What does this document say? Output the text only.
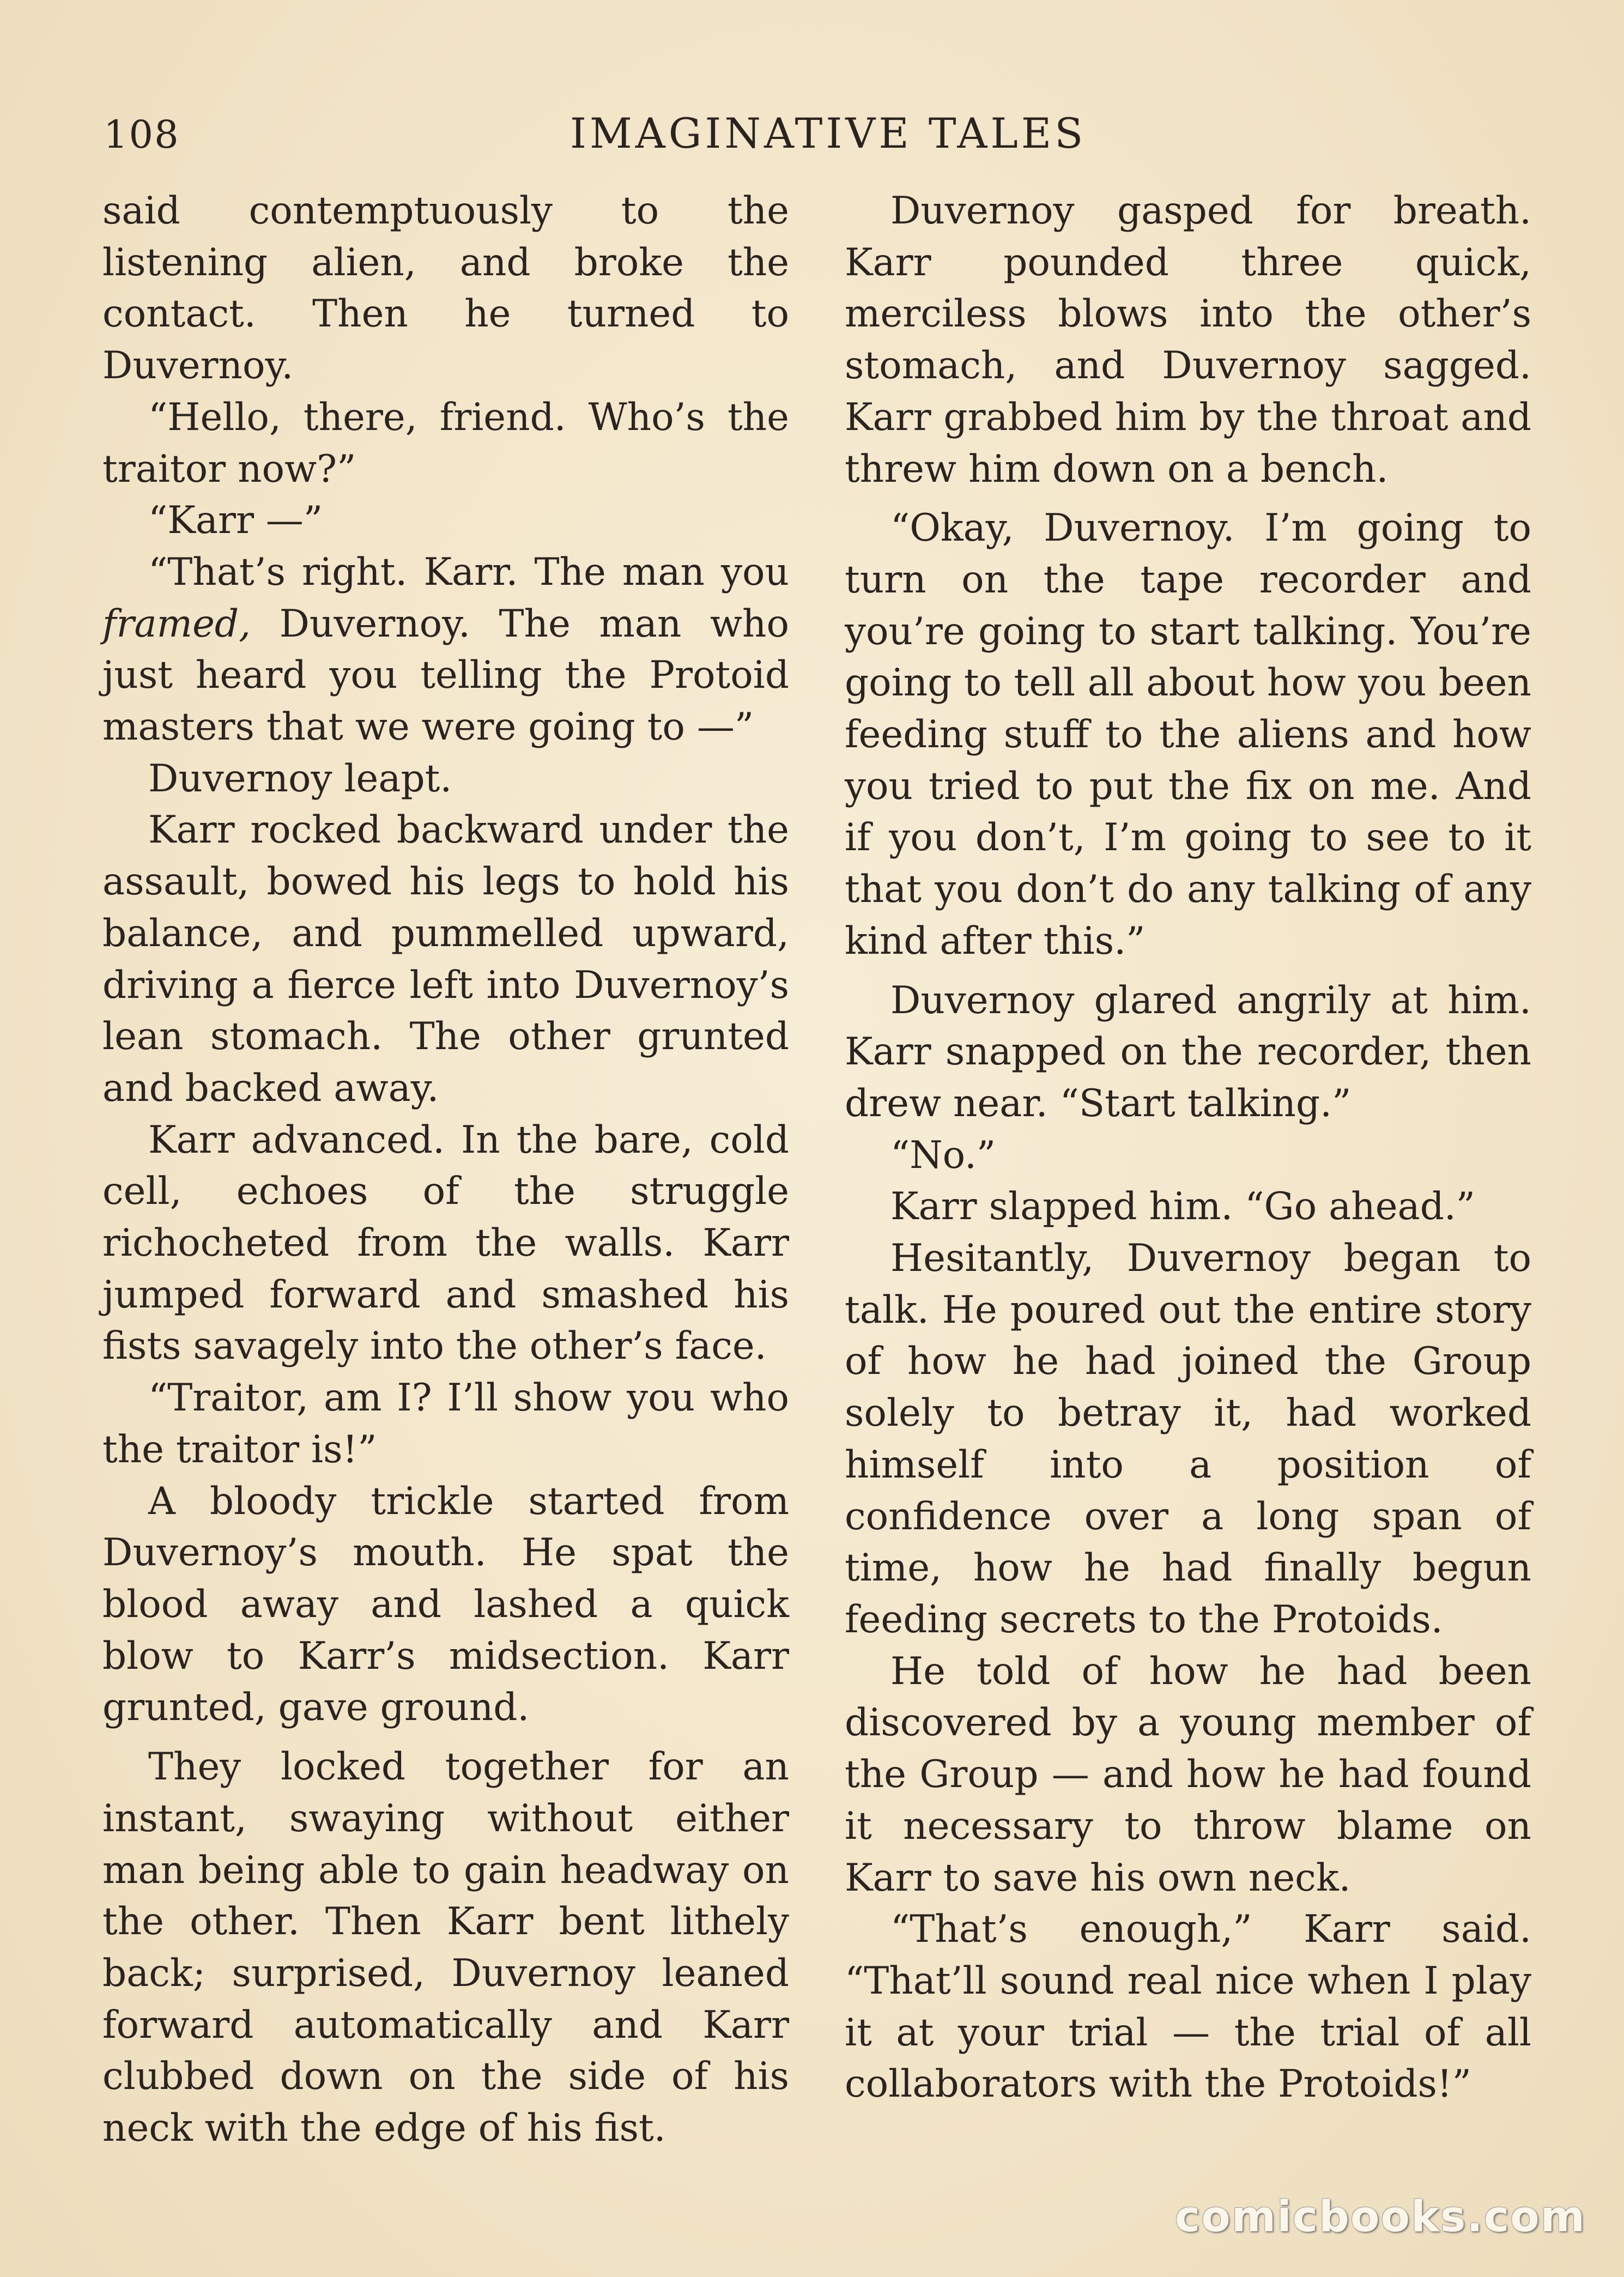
108	IMAGINATIVE TALES

said contemptuously to the listening alien, and broke the contact. Then he turned to Duvernoy.

“Hello, there, friend. Who’s the traitor now?”

“Karr —”

“That’s right. Karr. The man you framed, Duvernoy. The man who just heard you telling the Protoid masters that we were going to —”

Duvernoy leapt.

Karr rocked backward under the assault, bowed his legs to hold his balance, and pummelled upward, driving a fierce left into Duvernoy’s lean stomach. The other grunted and backed away.

Karr advanced. In the bare, cold cell, echoes of the struggle richocheted from the walls. Karr jumped forward and smashed his fists savagely into the other’s face.

“Traitor, am I? I’ll show you who the traitor is!”

A bloody trickle started from Duvernoy’s mouth. He spat the blood away and lashed a quick blow to Karr’s midsection. Karr grunted, gave ground.

They locked together for an instant, swaying without either man being able to gain headway on the other. Then Karr bent lithely back; surprised, Duvernoy leaned forward automatically and Karr clubbed down on the side of his neck with the edge of his fist.

Duvernoy gasped for breath. Karr pounded three quick, merciless blows into the other’s stomach, and Duvernoy sagged. Karr grabbed him by the throat and threw him down on a bench.

“Okay, Duvernoy. I’m going to turn on the tape recorder and you’re going to start talking. You’re going to tell all about how you been feeding stuff to the aliens and how you tried to put the fix on me. And if you don’t, I’m going to see to it that you don’t do any talking of any kind after this.”

Duvernoy glared angrily at him. Karr snapped on the recorder, then drew near. “Start talking.”

“No.”

Karr slapped him. “Go ahead.”

Hesitantly, Duvernoy began to talk. He poured out the entire story of how he had joined the Group solely to betray it, had worked himself into a position of confidence over a long span of time, how he had finally begun feeding secrets to the Protoids.

He told of how he had been discovered by a young member of the Group — and how he had found it necessary to throw blame on Karr to save his own neck.

“That’s enough,” Karr said. “That’ll sound real nice when I play it at your trial — the trial of all collaborators with the Protoids!”

comicbooks.com
